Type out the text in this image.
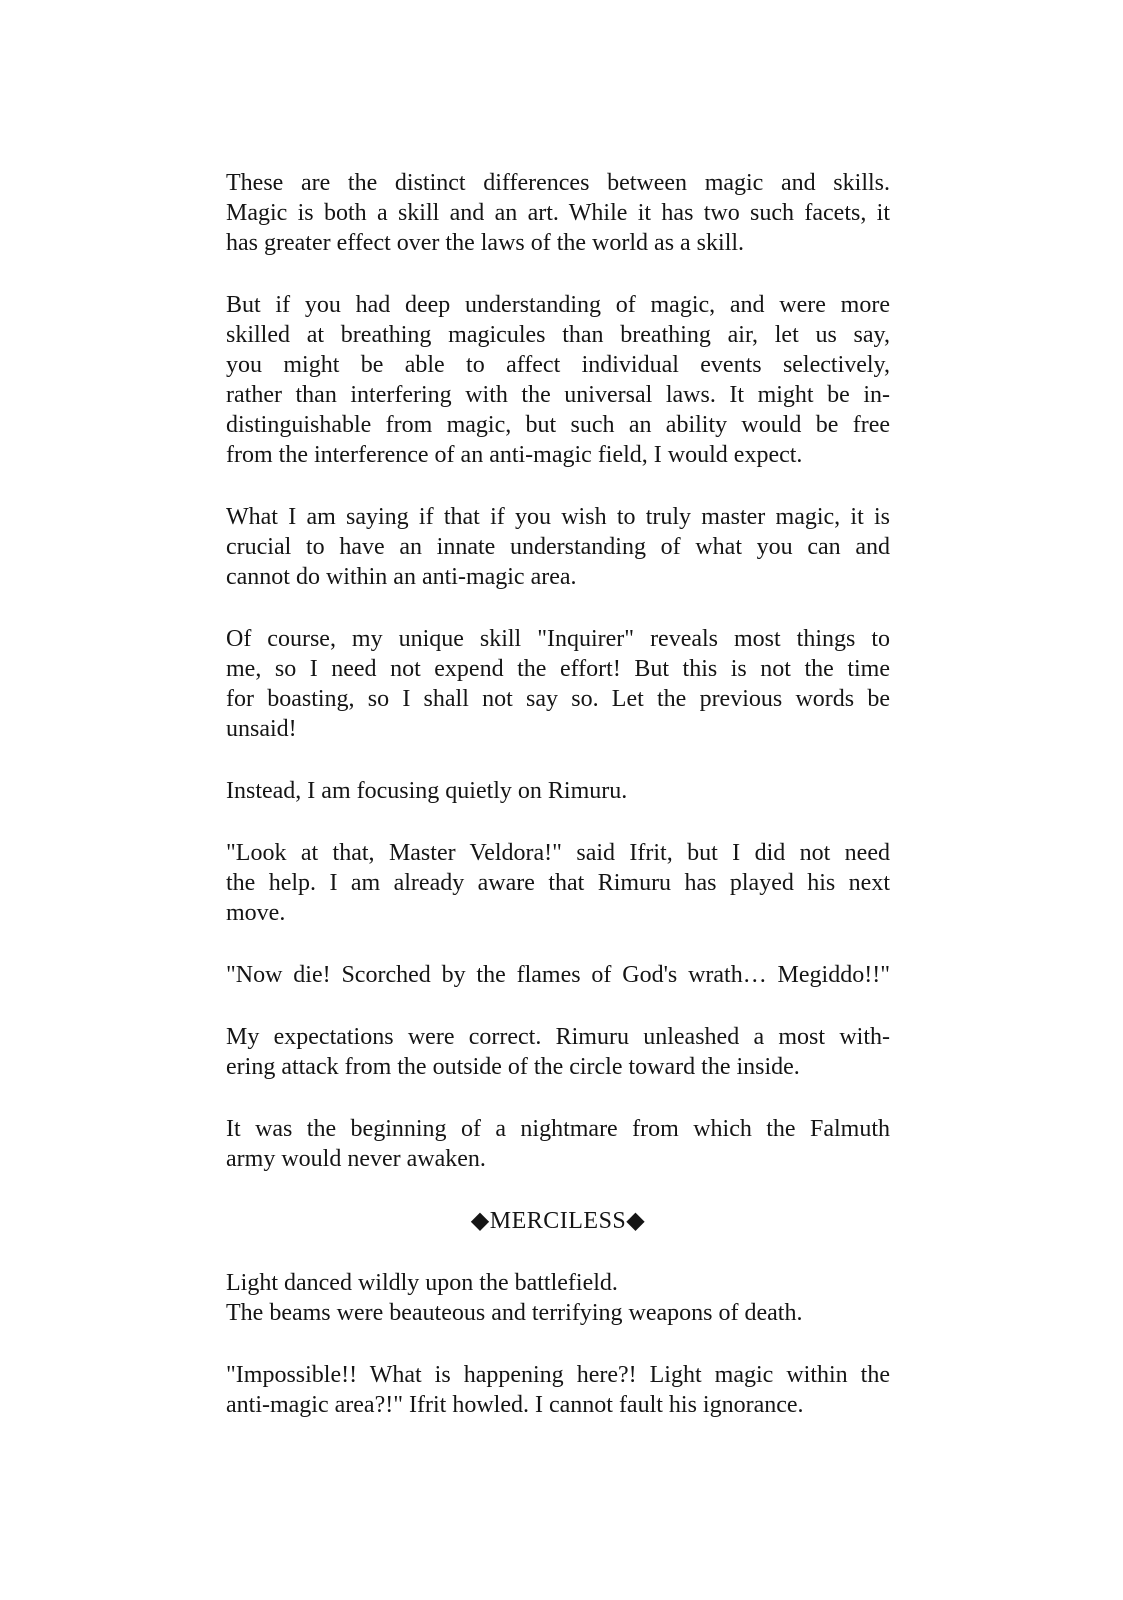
These are the distinct differences between magic and skills.
Magic is both a skill and an art. While it has two such facets, it
has greater effect over the laws of the world as a skill.

But if you had deep understanding of magic, and were more
skilled at breathing magicules than breathing air, let us say,
you might be able to affect individual events selectively,
rather than interfering with the universal laws. It might be in-
distinguishable from magic, but such an ability would be free
from the interference of an anti-magic field, I would expect.

What I am saying if that if you wish to truly master magic, it is
crucial to have an innate understanding of what you can and
cannot do within an anti-magic area.

Of course, my unique skill "Inquirer" reveals most things to
me, so I need not expend the effort! But this is not the time
for boasting, so I shall not say so. Let the previous words be
unsaid!

Instead, I am focusing quietly on Rimuru.

"Look at that, Master Veldora!" said Ifrit, but I did not need
the help. I am already aware that Rimuru has played his next
move.

"Now die! Scorched by the flames of God's wrath… Megiddo!!"

My expectations were correct. Rimuru unleashed a most with-
ering attack from the outside of the circle toward the inside.

It was the beginning of a nightmare from which the Falmuth
army would never awaken.

◆MERCILESS◆

Light danced wildly upon the battlefield.
The beams were beauteous and terrifying weapons of death.

"Impossible!! What is happening here?! Light magic within the
anti-magic area?!" Ifrit howled. I cannot fault his ignorance.
